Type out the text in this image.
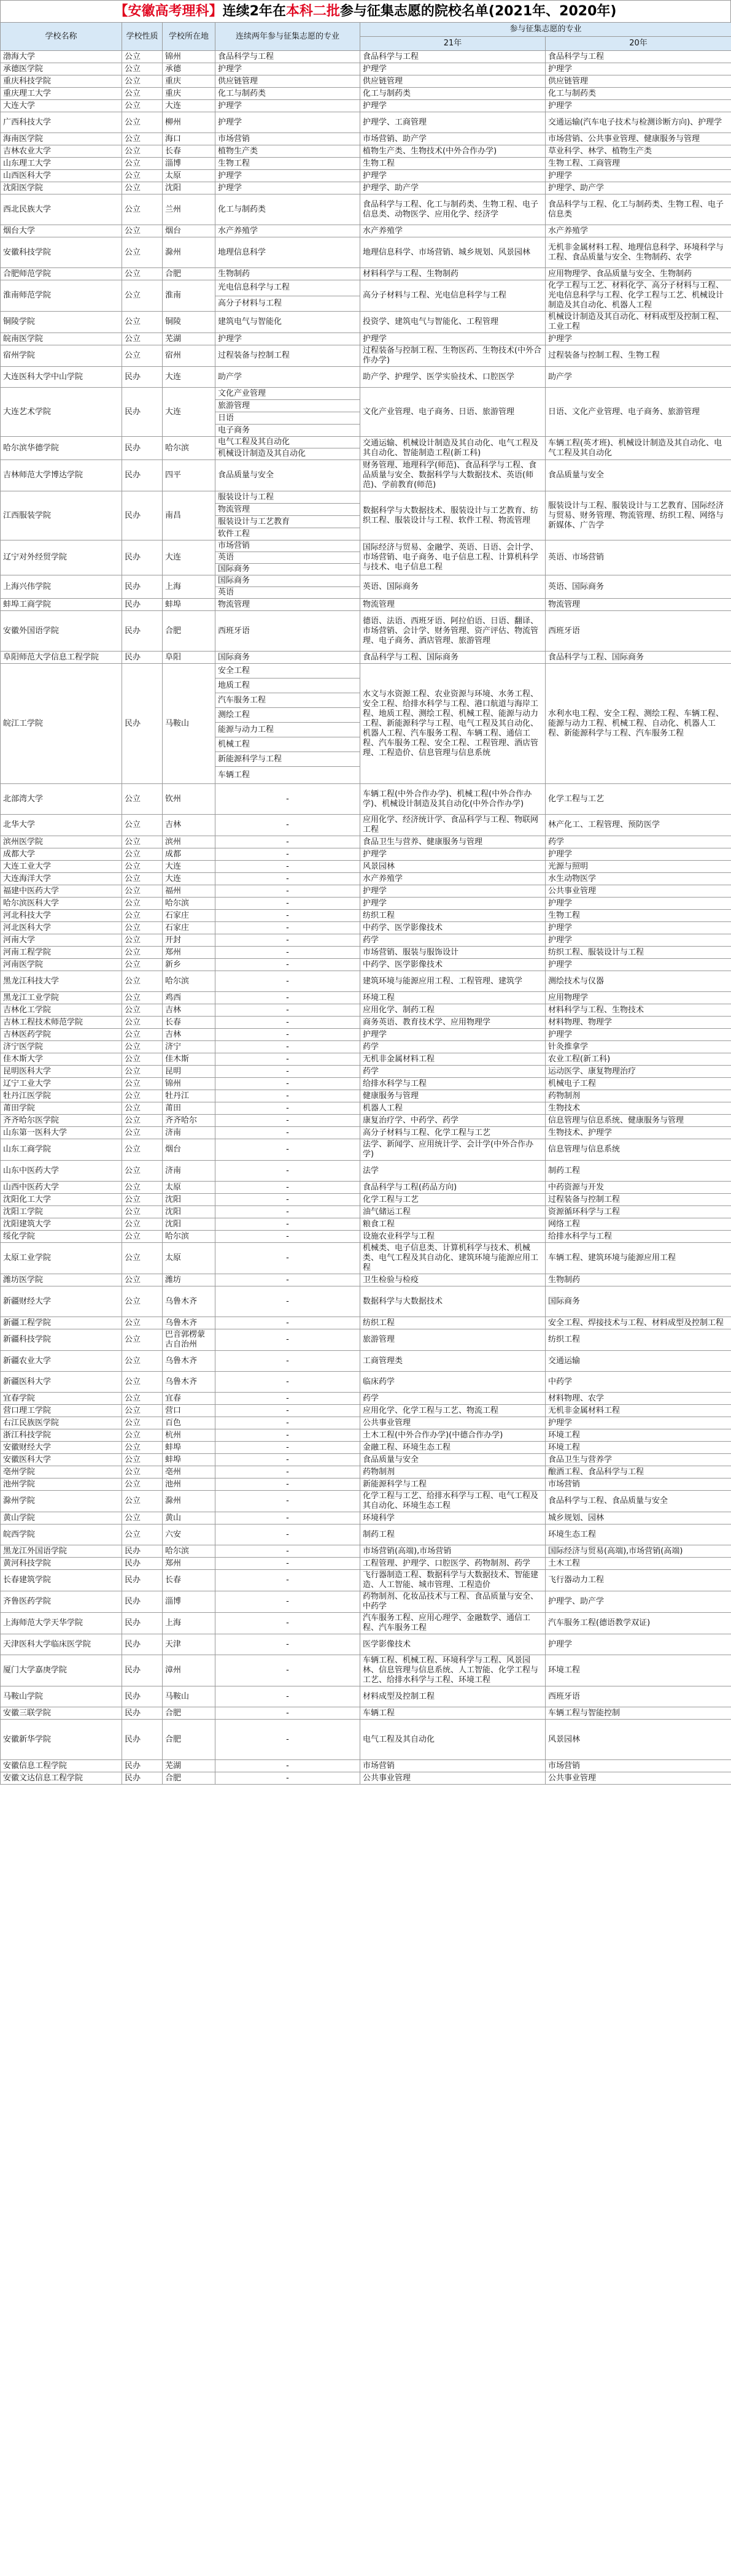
【安徽高考理科】连续2年在本科二批参与征集志愿的院校名单(2021年、2020年)
学校名称	学校性质	学校所在地	连续两年参与征集志愿的专业	参与征集志愿的专业	
				21年	20年
渤海大学	公立	锦州	食品科学与工程	食品科学与工程	食品科学与工程
承德医学院	公立	承德	护理学	护理学	护理学
重庆科技学院	公立	重庆	供应链管理	供应链管理	供应链管理
重庆理工大学	公立	重庆	化工与制药类	化工与制药类	化工与制药类
大连大学	公立	大连	护理学	护理学	护理学
广西科技大学	公立	柳州	护理学	护理学、工商管理	交通运输(汽车电子技术与检测诊断方向)、护理学
海南医学院	公立	海口	市场营销	市场营销、助产学	市场营销、公共事业管理、健康服务与管理
吉林农业大学	公立	长春	植物生产类	植物生产类、生物技术(中外合作办学)	草业科学、林学、植物生产类
山东理工大学	公立	淄博	生物工程	生物工程	生物工程、工商管理
山西医科大学	公立	太原	护理学	护理学	护理学
沈阳医学院	公立	沈阳	护理学	护理学、助产学	护理学、助产学
西北民族大学	公立	兰州	化工与制药类	食品科学与工程、化工与制药类、生物工程、电子信息类、动物医学、应用化学、经济学	食品科学与工程、化工与制药类、生物工程、电子信息类
烟台大学	公立	烟台	水产养殖学	水产养殖学	水产养殖学
安徽科技学院	公立	滁州	地理信息科学	地理信息科学、市场营销、城乡规划、风景园林	无机非金属材料工程、地理信息科学、环境科学与工程、食品质量与安全、生物制药、农学
合肥师范学院	公立	合肥	生物制药	材料科学与工程、生物制药	应用物理学、食品质量与安全、生物制药
淮南师范学院	公立	淮南	光电信息科学与工程	高分子材料与工程、光电信息科学与工程	化学工程与工艺、材料化学、高分子材料与工程、光电信息科学与工程、化学工程与工艺、机械设计制造及其自动化、机器人工程
			高分子材料与工程		
铜陵学院	公立	铜陵	建筑电气与智能化	投资学、建筑电气与智能化、工程管理	机械设计制造及其自动化、材料成型及控制工程、工业工程
皖南医学院	公立	芜湖	护理学	护理学	护理学
宿州学院	公立	宿州	过程装备与控制工程	过程装备与控制工程、生物医药、生物技术(中外合作办学)	过程装备与控制工程、生物工程
大连医科大学中山学院	民办	大连	助产学	助产学、护理学、医学实验技术、口腔医学	助产学
大连艺术学院	民办	大连	文化产业管理	文化产业管理、电子商务、日语、旅游管理	日语、文化产业管理、电子商务、旅游管理
			旅游管理		
			日语		
			电子商务		
哈尔滨华德学院	民办	哈尔滨	电气工程及其自动化	交通运输、机械设计制造及其自动化、电气工程及其自动化、智能制造工程(新工科)	车辆工程(英才班)、机械设计制造及其自动化、电气工程及其自动化
			机械设计制造及其自动化		
吉林师范大学博达学院	民办	四平	食品质量与安全	财务管理、地理科学(师范)、食品科学与工程、食品质量与安全、数据科学与大数据技术、英语(师范)、学前教育(师范)	食品质量与安全
江西服装学院	民办	南昌	服装设计与工程	数据科学与大数据技术、服装设计与工艺教育、纺织工程、服装设计与工程、软件工程、物流管理	服装设计与工程、服装设计与工艺教育、国际经济与贸易、财务管理、物流管理、纺织工程、网络与新媒体、广告学
			物流管理		
			服装设计与工艺教育		
			软件工程		
辽宁对外经贸学院	民办	大连	市场营销	国际经济与贸易、金融学、英语、日语、会计学、市场营销、电子商务、电子信息工程、计算机科学与技术、电子信息工程	英语、市场营销
			英语		
			国际商务		
上海兴伟学院	民办	上海	国际商务	英语、国际商务	英语、国际商务
			英语		
蚌埠工商学院	民办	蚌埠	物流管理	物流管理	物流管理
安徽外国语学院	民办	合肥	西班牙语	德语、法语、西班牙语、阿拉伯语、日语、翻译、市场营销、会计学、财务管理、资产评估、物流管理、电子商务、酒店管理、旅游管理	西班牙语
阜阳师范大学信息工程学院	民办	阜阳	国际商务	食品科学与工程、国际商务	食品科学与工程、国际商务
皖江工学院	民办	马鞍山	安全工程	水文与水资源工程、农业资源与环境、水务工程、安全工程、给排水科学与工程、港口航道与海岸工程、地质工程、测绘工程、机械工程、能源与动力工程、新能源科学与工程、电气工程及其自动化、机器人工程、汽车服务工程、车辆工程、通信工程、汽车服务工程、安全工程、工程管理、酒店管理、工程造价、信息管理与信息系统	水利水电工程、安全工程、测绘工程、车辆工程、能源与动力工程、机械工程、自动化、机器人工程、新能源科学与工程、汽车服务工程
			地质工程		
			汽车服务工程		
			测绘工程		
			能源与动力工程		
			机械工程		
			新能源科学与工程		
			车辆工程		
北部湾大学	公立	钦州	-	车辆工程(中外合作办学)、机械工程(中外合作办学)、机械设计制造及其自动化(中外合作办学)	化学工程与工艺
北华大学	公立	吉林	-	应用化学、经济统计学、食品科学与工程、物联网工程	林产化工、工程管理、预防医学
滨州医学院	公立	滨州	-	食品卫生与营养、健康服务与管理	药学
成都大学	公立	成都	-	护理学	护理学
大连工业大学	公立	大连	-	风景园林	光源与照明
大连海洋大学	公立	大连	-	水产养殖学	水生动物医学
福建中医药大学	公立	福州	-	护理学	公共事业管理
哈尔滨医科大学	公立	哈尔滨	-	护理学	护理学
河北科技大学	公立	石家庄	-	纺织工程	生物工程
河北医科大学	公立	石家庄	-	中药学、医学影像技术	护理学
河南大学	公立	开封	-	药学	护理学
河南工程学院	公立	郑州	-	市场营销、服装与服饰设计	纺织工程、服装设计与工程
河南医学院	公立	新乡	-	中药学、医学影像技术	护理学
黑龙江科技大学	公立	哈尔滨	-	建筑环境与能源应用工程、工程管理、建筑学	测绘技术与仪器
黑龙江工业学院	公立	鸡西	-	环境工程	应用物理学
吉林化工学院	公立	吉林	-	应用化学、制药工程	材料科学与工程、生物技术
吉林工程技术师范学院	公立	长春	-	商务英语、教育技术学、应用物理学	材料物理、物理学
吉林医药学院	公立	吉林	-	护理学	护理学
济宁医学院	公立	济宁	-	药学	针灸推拿学
佳木斯大学	公立	佳木斯	-	无机非金属材料工程	农业工程(新工科)
昆明医科大学	公立	昆明	-	药学	运动医学、康复物理治疗
辽宁工业大学	公立	锦州	-	给排水科学与工程	机械电子工程
牡丹江医学院	公立	牡丹江	-	健康服务与管理	药物制剂
莆田学院	公立	莆田	-	机器人工程	生物技术
齐齐哈尔医学院	公立	齐齐哈尔	-	康复治疗学、中药学、药学	信息管理与信息系统、健康服务与管理
山东第一医科大学	公立	济南	-	高分子材料与工程、化学工程与工艺	生物技术、护理学
山东工商学院	公立	烟台	-	法学、新闻学、应用统计学、会计学(中外合作办学)	信息管理与信息系统
山东中医药大学	公立	济南	-	法学	制药工程
山西中医药大学	公立	太原	-	食品科学与工程(药品方向)	中药资源与开发
沈阳化工大学	公立	沈阳	-	化学工程与工艺	过程装备与控制工程
沈阳工学院	公立	沈阳	-	油气储运工程	资源循环科学与工程
沈阳建筑大学	公立	沈阳	-	粮食工程	网络工程
绥化学院	公立	哈尔滨	-	设施农业科学与工程	给排水科学与工程
太原工业学院	公立	太原	-	机械类、电子信息类、计算机科学与技术、机械类、电气工程及其自动化、建筑环境与能源应用工程	车辆工程、建筑环境与能源应用工程
潍坊医学院	公立	潍坊	-	卫生检验与检疫	生物制药
新疆财经大学	公立	乌鲁木齐	-	数据科学与大数据技术	国际商务
新疆工程学院	公立	乌鲁木齐	-	纺织工程	安全工程、焊接技术与工程、材料成型及控制工程
新疆科技学院	公立	巴音郭楞蒙古自治州	-	旅游管理	纺织工程
新疆农业大学	公立	乌鲁木齐	-	工商管理类	交通运输
新疆医科大学	公立	乌鲁木齐	-	临床药学	中药学
宜春学院	公立	宜春	-	药学	材料物理、农学
营口理工学院	公立	营口	-	应用化学、化学工程与工艺、物流工程	无机非金属材料工程
右江民族医学院	公立	百色	-	公共事业管理	护理学
浙江科技学院	公立	杭州	-	土木工程(中外合作办学)(中德合作办学)	环境工程
安徽财经大学	公立	蚌埠	-	金融工程、环境生态工程	环境工程
安徽医科大学	公立	蚌埠	-	食品质量与安全	食品卫生与营养学
亳州学院	公立	亳州	-	药物制剂	酿酒工程、食品科学与工程
池州学院	公立	池州	-	新能源科学与工程	市场营销
滁州学院	公立	滁州	-	化学工程与工艺、给排水科学与工程、电气工程及其自动化、环境生态工程	食品科学与工程、食品质量与安全
黄山学院	公立	黄山	-	环境科学	城乡规划、园林
皖西学院	公立	六安	-	制药工程	环境生态工程
黑龙江外国语学院	民办	哈尔滨	-	市场营销(高端),市场营销	国际经济与贸易(高端),市场营销(高端)
黄河科技学院	民办	郑州	-	工程管理、护理学、口腔医学、药物制剂、药学	土木工程
长春建筑学院	民办	长春	-	飞行器制造工程、数据科学与大数据技术、智能建造、人工智能、城市管理、工程造价	飞行器动力工程
齐鲁医药学院	民办	淄博	-	药物制剂、化妆品技术与工程、食品质量与安全、中药学	护理学、助产学
上海师范大学天华学院	民办	上海	-	汽车服务工程、应用心理学、金融数学、通信工程、汽车服务工程	汽车服务工程(德语教学双证)
天津医科大学临床医学院	民办	天津	-	医学影像技术	护理学
厦门大学嘉庚学院	民办	漳州	-	车辆工程、机械工程、环境科学与工程、风景园林、信息管理与信息系统、人工智能、化学工程与工艺、给排水科学与工程、环境工程	环境工程
马鞍山学院	民办	马鞍山	-	材料成型及控制工程	西班牙语
安徽三联学院	民办	合肥	-	车辆工程	车辆工程与智能控制
安徽新华学院	民办	合肥	-	电气工程及其自动化	风景园林
安徽信息工程学院	民办	芜湖	-	市场营销	市场营销
安徽文达信息工程学院	民办	合肥	-	公共事业管理	公共事业管理
